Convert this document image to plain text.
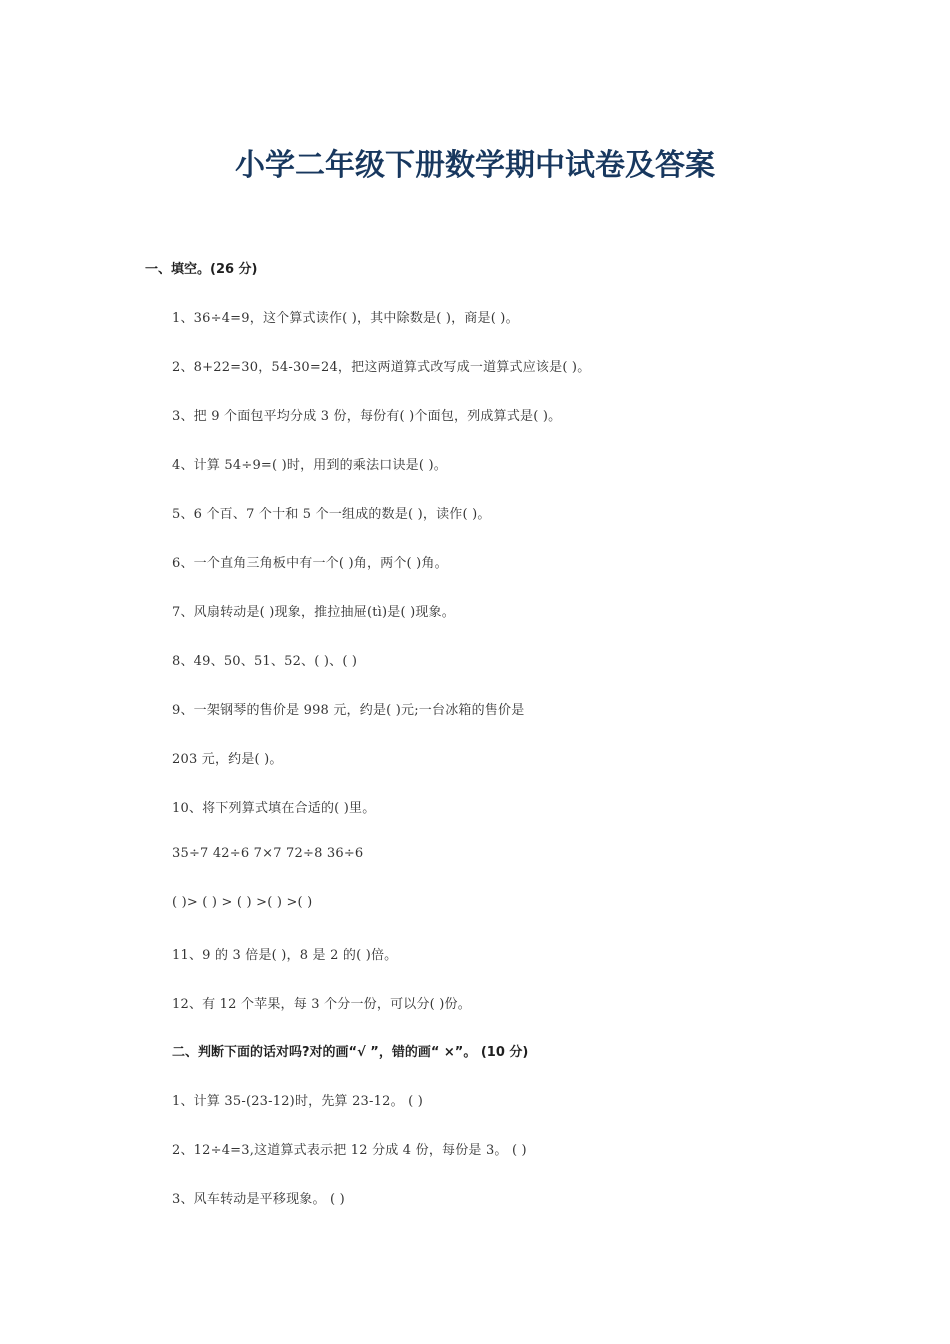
小学二年级下册数学期中试卷及答案
一、填空。(26 分)
1、36÷4=9，这个算式读作( )，其中除数是( )，商是( )。
2、8+22=30，54-30=24，把这两道算式改写成一道算式应该是( )。
3、把 9 个面包平均分成 3 份，每份有( )个面包，列成算式是( )。
4、计算 54÷9=( )时，用到的乘法口诀是( )。
5、6 个百、7 个十和 5 个一组成的数是( )，读作( )。
6、一个直角三角板中有一个( )角，两个( )角。
7、风扇转动是( )现象，推拉抽屉(tì)是( )现象。
8、49、50、51、52、( )、( )
9、一架钢琴的售价是 998 元，约是( )元;一台冰箱的售价是
203 元，约是( )。
10、将下列算式填在合适的( )里。
35÷7 42÷6 7×7 72÷8 36÷6
( )> ( ) > ( ) >( ) >( )
11、9 的 3 倍是( )，8 是 2 的( )倍。
12、有 12 个苹果，每 3 个分一份，可以分( )份。
二、判断下面的话对吗?对的画“√ ”，错的画“ ×”。 (10 分)
1、计算 35-(23-12)时，先算 23-12。 ( )
2、12÷4=3,这道算式表示把 12 分成 4 份，每份是 3。 ( )
3、风车转动是平移现象。 ( )
